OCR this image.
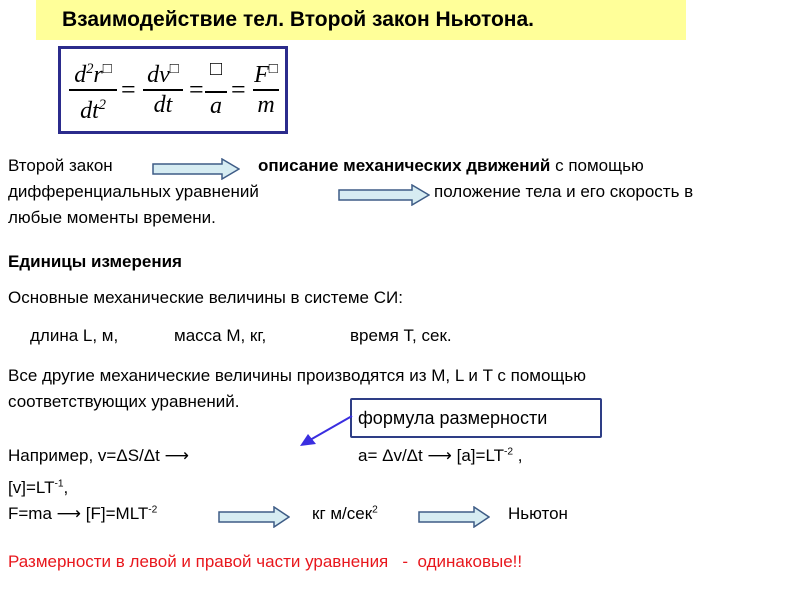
Взаимодействие тел. Второй закон Ньютона.
$d^2r^□$
$dt^2$
= dv□
dt
=
□
a
= F□
m
Второй закон	описание механических движений с помощью
дифференциальных уравнений	положение тела и его скорость в
любые моменты времени.
Единицы измерения
Основные механические величины в системе СИ:
длина L, м,	масса M, кг,	время T, сек.
Все другие механические величины производятся из M, L и T с помощью
соответствующих уравнений.
формула размерности
Например, v=ΔS/Δt ⟶	a= Δv/Δt ⟶ $[a]=LT^{-2}$ ,
$[v]=LT^{-1}$,
F=ma ⟶ $[F]=MLT^{-2}$	кг м/сек$^2$	Ньютон
Размерности в левой и правой части уравнения   -  одинаковые!!
